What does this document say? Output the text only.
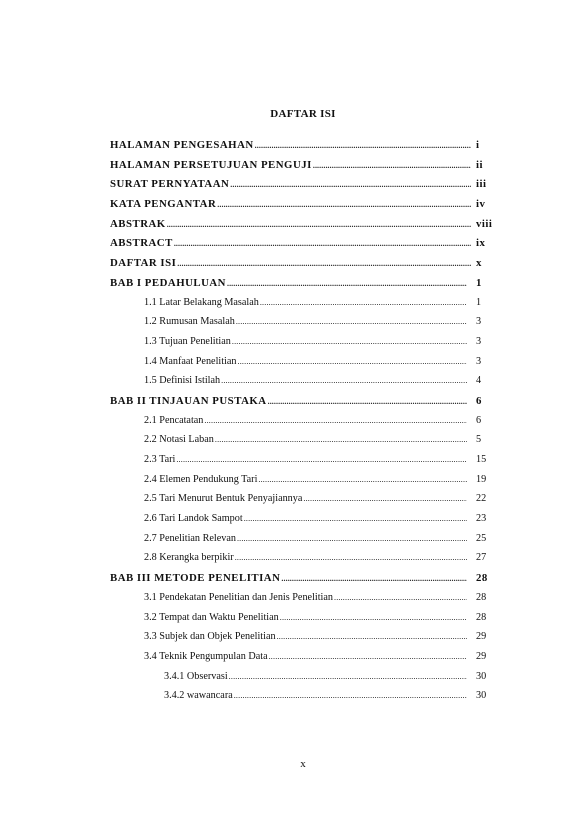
DAFTAR ISI
HALAMAN PENGESAHAN .....	i
HALAMAN PERSETUJUAN PENGUJI .....	ii
SURAT PERNYATAAN .....	iii
KATA PENGANTAR .....	iv
ABSTRAK .....	viii
ABSTRACT .....	ix
DAFTAR ISI .....	x
BAB I PEDAHULUAN .....	1
1.1 Latar Belakang Masalah .....	1
1.2 Rumusan Masalah .....	3
1.3 Tujuan Penelitian .....	3
1.4 Manfaat Penelitian .....	3
1.5 Definisi Istilah .....	4
BAB II TINJAUAN PUSTAKA .....	6
2.1 Pencatatan .....	6
2.2 Notasi Laban .....	5
2.3 Tari .....	15
2.4 Elemen Pendukung Tari .....	19
2.5 Tari Menurut Bentuk Penyajiannya .....	22
2.6 Tari Landok Sampot .....	23
2.7 Penelitian Relevan .....	25
2.8 Kerangka berpikir .....	27
BAB III METODE PENELITIAN .....	28
3.1 Pendekatan Penelitian dan Jenis Penelitian .....	28
3.2 Tempat dan Waktu Penelitian .....	28
3.3 Subjek dan Objek Penelitian .....	29
3.4 Teknik Pengumpulan Data .....	29
3.4.1 Observasi .....	30
3.4.2 wawancara .....	30
x
